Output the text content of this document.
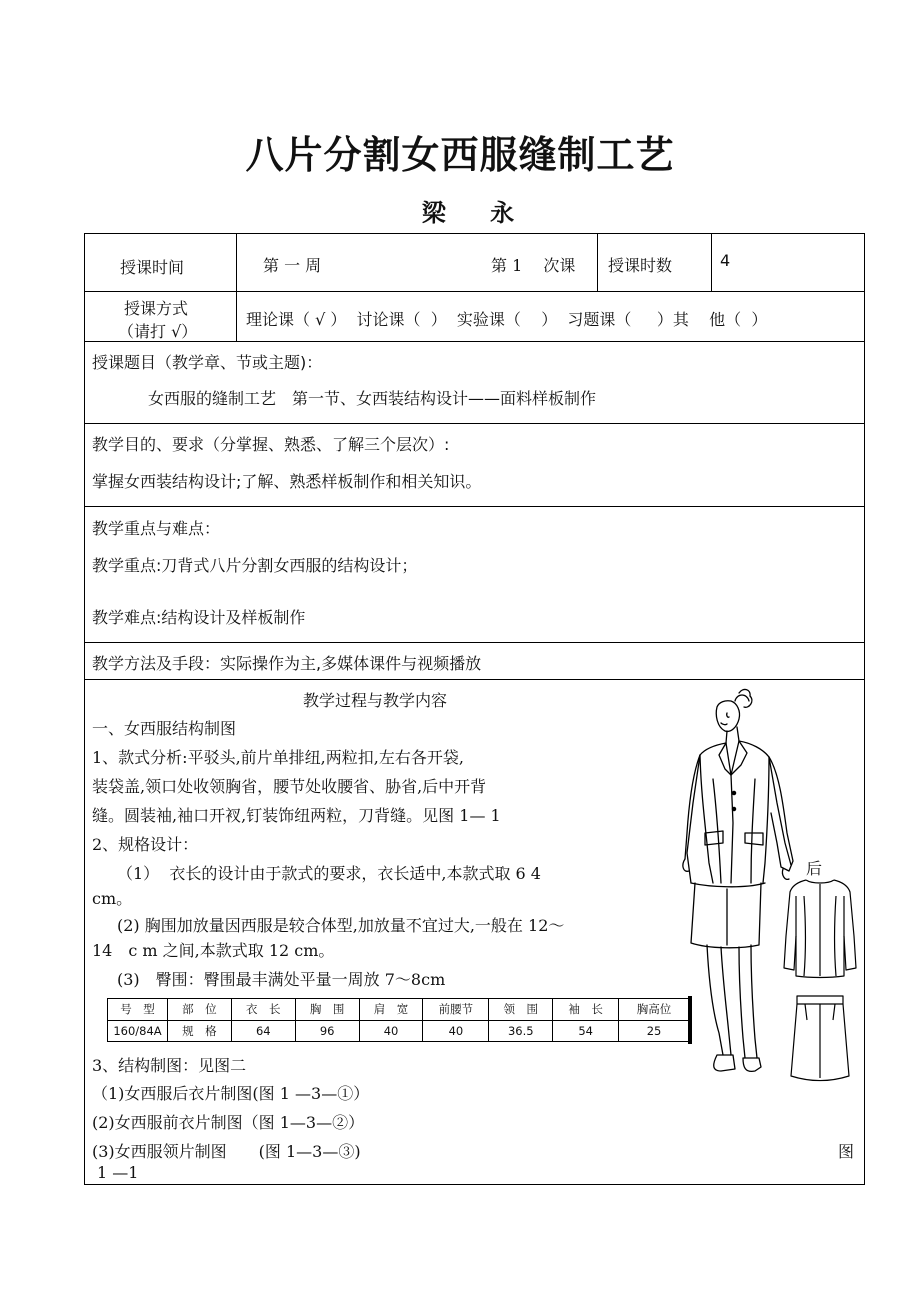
八片分割女西服缝制工艺
梁 永
授课时间	第 一 周	第 1　 次课 授课时数	4
授课方式
（请打 √）
理论课（ √ ）  讨论课（  ）  实验课（    ）  习题课（     ）其    他（  ）
授课题目（教学章、节或主题)：
女西服的缝制工艺　第一节、女西装结构设计——面料样板制作
教学目的、要求（分掌握、熟悉、了解三个层次）:
掌握女西装结构设计;了解、熟悉样板制作和相关知识。
教学重点与难点：
教学重点:刀背式八片分割女西服的结构设计；
教学难点:结构设计及样板制作
教学方法及手段：实际操作为主,多媒体课件与视频播放
教学过程与教学内容
一、女西服结构制图
1、款式分析:平驳头,前片单排纽,两粒扣,左右各开袋,
装袋盖,领口处收领胸省，腰节处收腰省、胁省,后中开背
缝。圆装袖,袖口开衩,钉装饰纽两粒，刀背缝。见图 1— 1
2、规格设计：
（1）  衣长的设计由于款式的要求，衣长适中,本款式取 6 4
cm。
(2) 胸围加放量因西服是较合体型,加放量不宜过大,一般在 12～
14　c m 之间,本款式取 12 cm。
(3)　臀围：臀围最丰满处平量一周放 7～8cm
号　型	部　位	衣　长	胸　围	肩　宽	前腰节	领　围	袖　长	胸高位
160/84A	规　格	64	96	40	40	36.5	54	25
3、结构制图：见图二
（1)女西服后衣片制图(图 1 —3—①）
(2)女西服前衣片制图（图 1—3—②）
(3)女西服领片制图　　(图 1—3—③)	图
1 —1
后
